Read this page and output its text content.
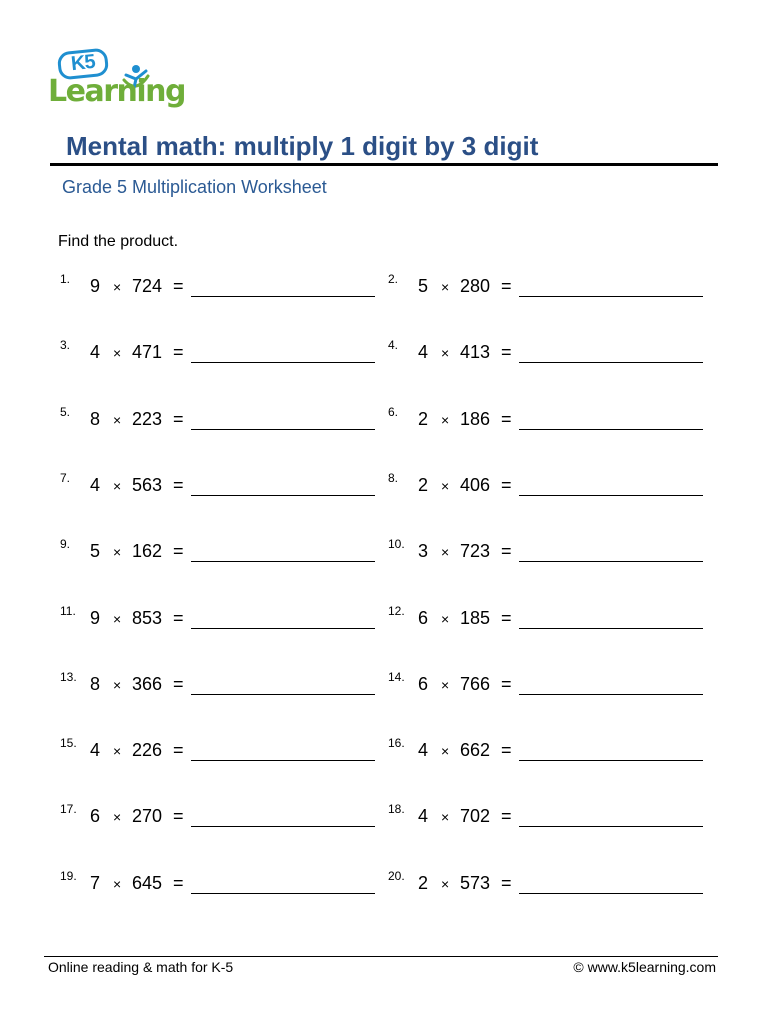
K5
Learning
Mental math: multiply 1 digit by 3 digit
Grade 5 Multiplication Worksheet
Find the product.
1. 9 × 724 =	2. 5 × 280 =
3. 4 × 471 =	4. 4 × 413 =
5. 8 × 223 =	6. 2 × 186 =
7. 4 × 563 =	8. 2 × 406 =
9. 5 × 162 =	10. 3 × 723 =
11. 9 × 853 =	12. 6 × 185 =
13. 8 × 366 =	14. 6 × 766 =
15. 4 × 226 =	16. 4 × 662 =
17. 6 × 270 =	18. 4 × 702 =
19. 7 × 645 =	20. 2 × 573 =
Online reading & math for K-5	© www.k5learning.com
